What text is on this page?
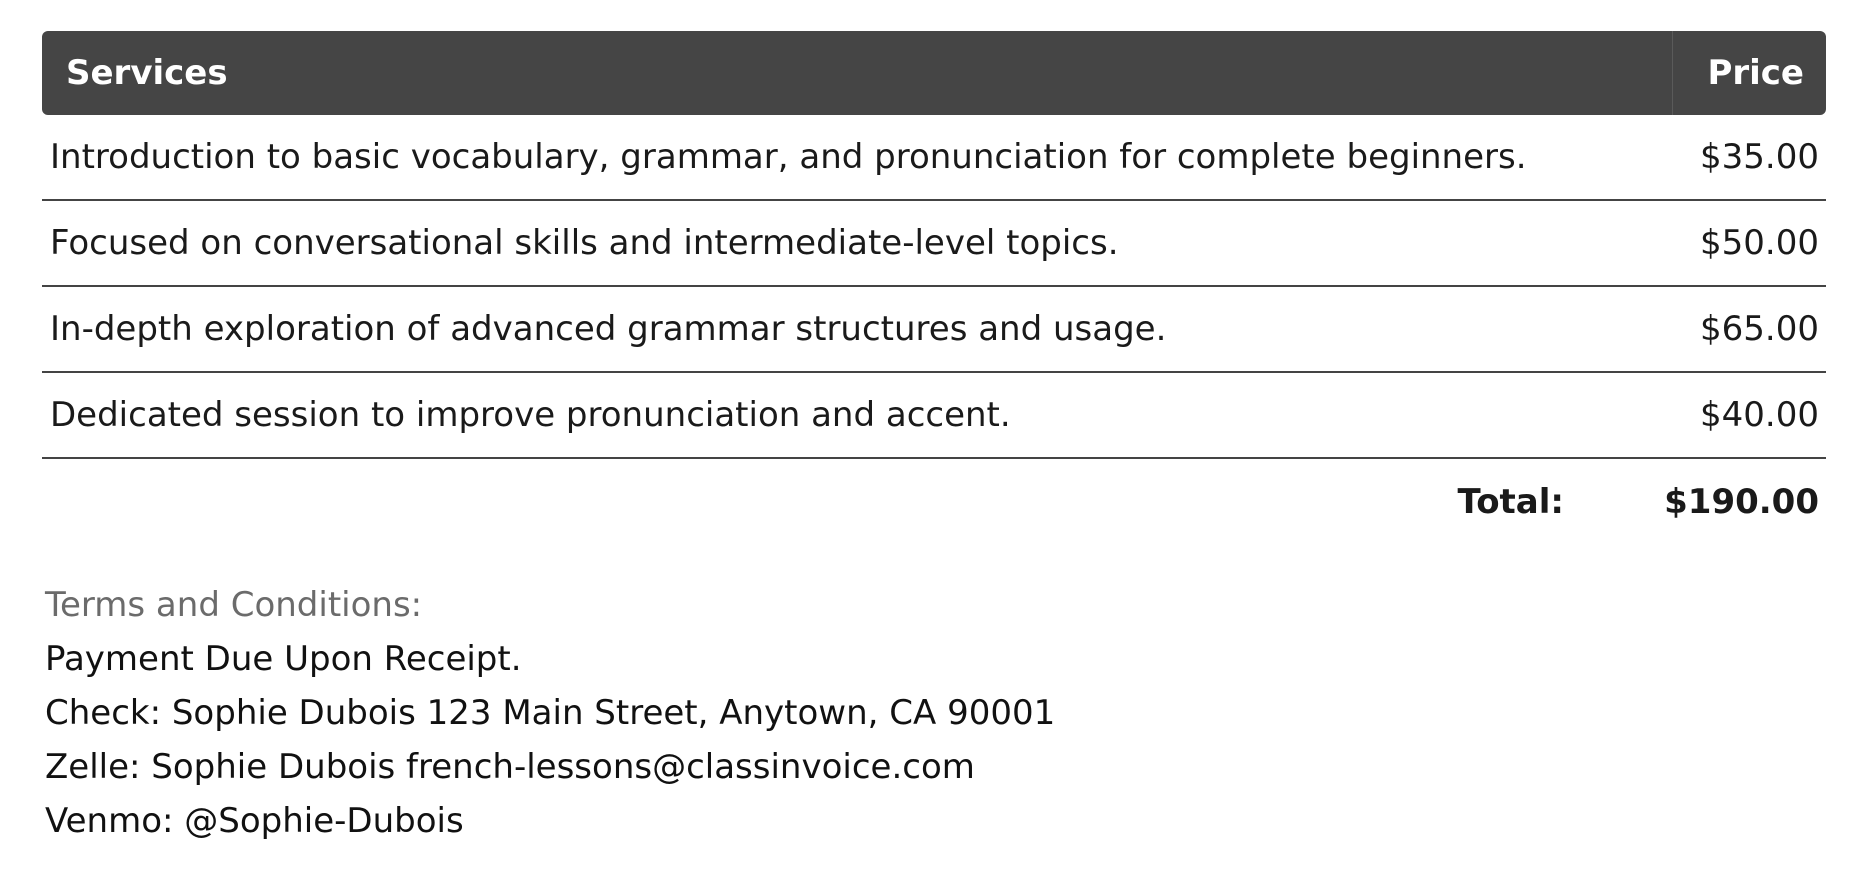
Services	Price
Introduction to basic vocabulary, grammar, and pronunciation for complete beginners.	$35.00
Focused on conversational skills and intermediate-level topics.	$50.00
In-depth exploration of advanced grammar structures and usage.	$65.00
Dedicated session to improve pronunciation and accent.	$40.00
Total:	$190.00
Terms and Conditions:
Payment Due Upon Receipt.
Check: Sophie Dubois 123 Main Street, Anytown, CA 90001
Zelle: Sophie Dubois french-lessons@classinvoice.com
Venmo: @Sophie-Dubois
